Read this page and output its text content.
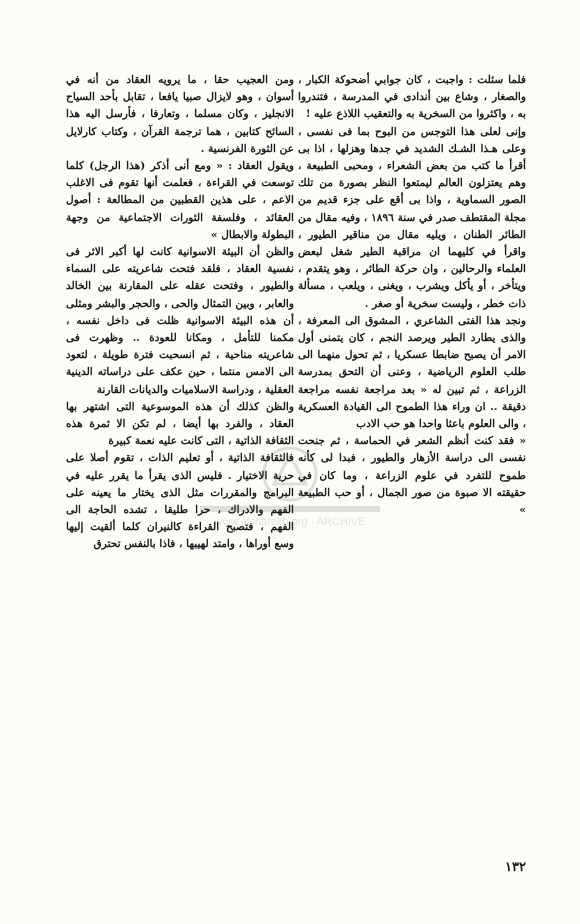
فلما سئلت : واجبت ، كان جوابي أضحوكة الكبار ، والصغار ، وشاع بين أندادى في المدرسة ، فتندروا به ، واكثروا من السخرية به والتعقيب اللاذع عليه !

وإنى لعلى هذا التوجس من البوح بما فى نفسى ، وعلى هـذا الشـك الشديد في جدها وهزلها ، اذا بى أقرأ ما كتب من بعض الشعراء ، ومحبى الطبيعة ، وهم يعتزلون العالم ليمتعوا النظر بصورة من تلك الصور السماوية ، واذا بى أقع على جزء قديم من مجلة المقتطف صدر في سنة ١٨٩٦ ، وفيه مقال من الطائر الطنان ، ويليه مقال من مناقير الطيور ، واقرأ في كليهما ان مراقبة الطير شغل لبعض العلماء والرحالين ، وان حركة الطائر ، وهو يتقدم ، ويتأخر ، أو يأكل ويشرب ، ويغنى ، ويلعب ، مسألة ذات خطر ، وليست سخرية أو صغر .

ونجد هذا الفتى الشاعري ، المشوق الى المعرفة ، والذى يطارد الطير ويرصد النجم ، كان يتمنى أول الامر أن يصبح ضابطا عسكريا ، ثم تحول منهما الى طلب العلوم الرياضية ، وعنى أن التحق بمدرسة الزراعة ، ثم تبين له « بعد مراجعة نفسه مراجعة دقيقة .. ان وراء هذا الطموح الى القيادة العسكرية ، والى العلوم باعثا واحدا هو حب الادب

« فقد كنت أنظم الشعر في الحماسة ، ثم جنحت نفسى الى دراسة الأزهار والطيور ، فبدا لى كأنه طموح للتفرد في علوم الزراعة ، وما كان في حقيقته الا صبوة من صور الجمال ، أو حب الطبيعة »

ومن العجيب حقا ، ما يرويه العقاد من أنه في أسوان ، وهو لايزال صبيا يافعا ، تقابل بأحد السياح الانجليز ، وكان مسلما ، وتعارفا ، فأرسل اليه هذا السائح كتابين ، هما ترجمة القرآن ، وكتاب كارلايل عن الثورة الفرنسية .

ويقول العقاد : « ومع أنى أذكر (هذا الرجل) كلما توسعت في القراءة ، فعلمت أنها تقوم فى الاغلب الاعم ، على هذين القطبين من المطالعة : أصول العقائد ، وفلسفة الثورات الاجتماعية من وجهة البطولة والابطال »

والظن أن البيئة الاسوانية كانت لها أكبر الاثر فى نفسية العقاد ، فلقد فتحت شاعريته على السماء والطيور ، وفتحت عقله على المقارنة بين الخالد والعابر ، وبين التمثال والحى ، والحجر والبشر ومثلى أن هذه البيئة الاسوانية ظلت فى داخل نفسه ، مكمنا للتأمل ، ومكانا للعودة .. وظهرت فى شاعريته مناحية ، ثم انسحبت فترة طويلة ، لتعود الى الامس منتما ، حين عكف على دراساته الدينية العقلية ، ودراسة الاسلاميات والديانات القارنة

والظن كذلك أن هذه الموسوعية التى اشتهر بها العقاد ، والفرد بها أيضا ، لم تكن الا ثمرة هذه الثقافة الذاتية ، التى كانت عليه نعمة كبيرة

فالثقافة الذاتية ، أو تعليم الذات ، تقوم أصلا على حرية الاختيار . فليس الذى يقرأ ما يقرر عليه في البرامج والمقررات مثل الذى يختار ما يعينه على الفهم والادراك ، حرا طليقا ، تشده الحاجة الى الفهم ، فتصبح القراءة كالنيران كلما ألقيت إليها وسع أوراها ، وامتد لهيبها ، فاذا بالنفس تحترق

١٣٢
www.alsharekh.org · ARCHIVE
